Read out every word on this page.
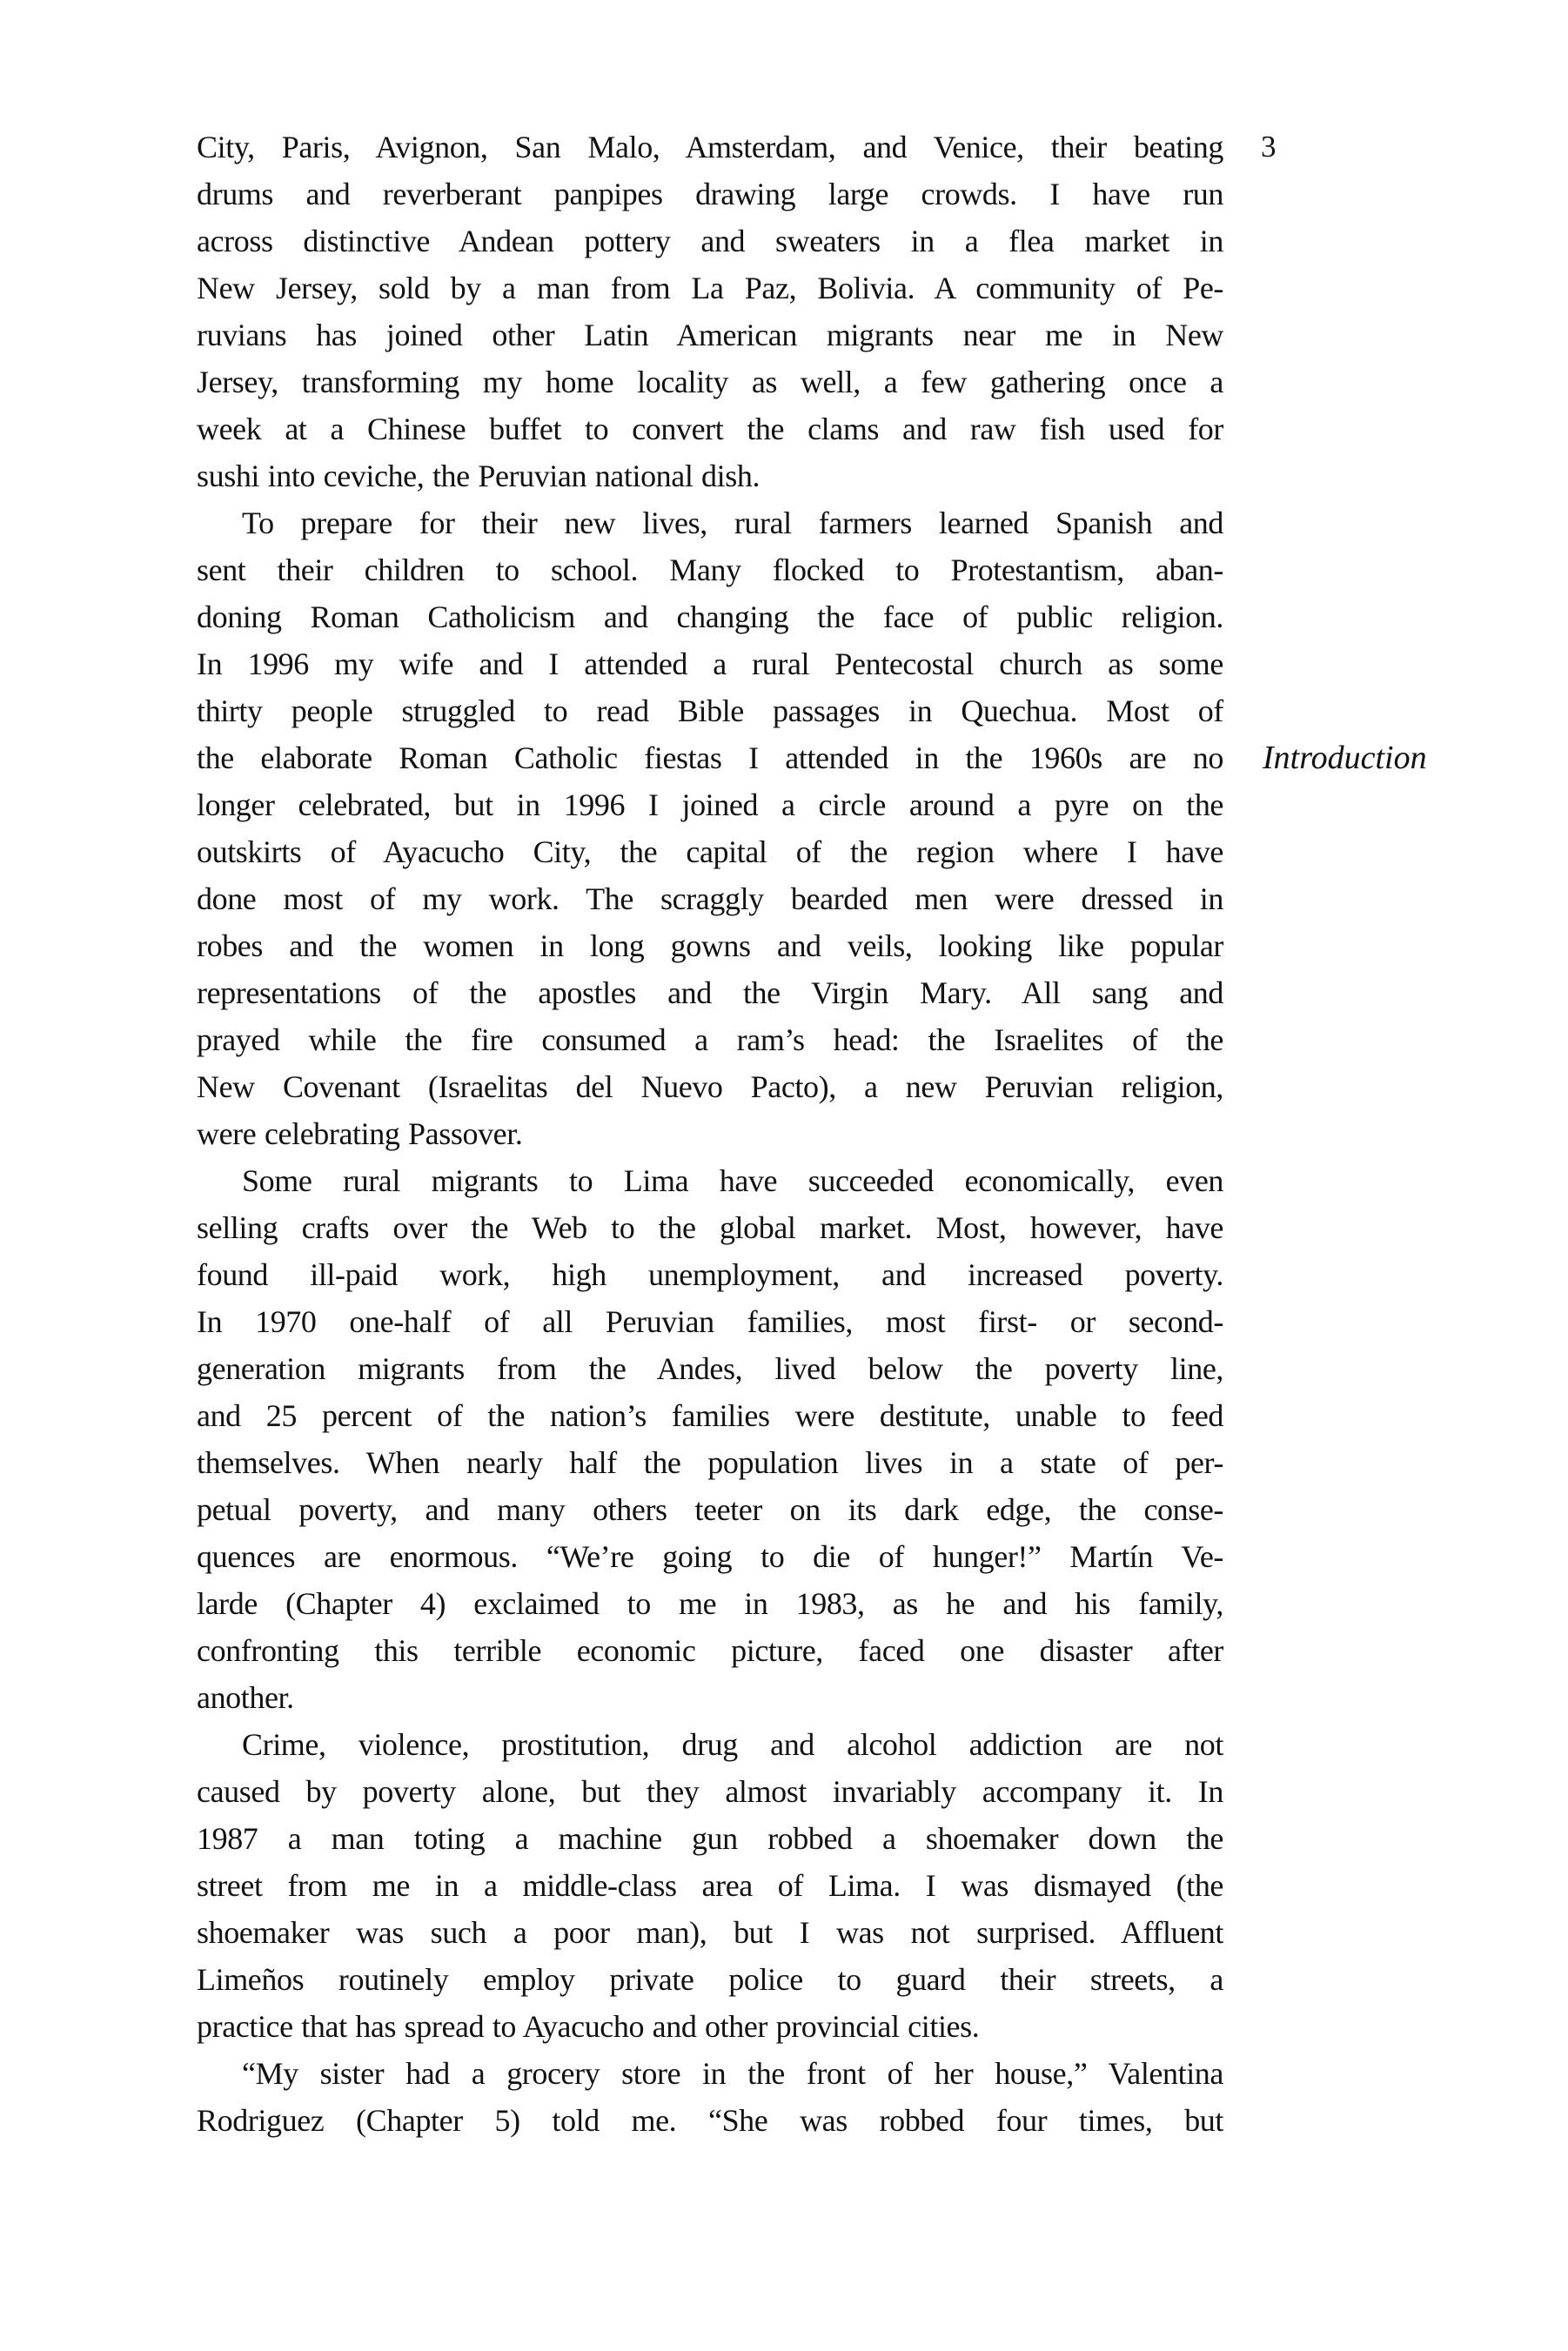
3
Introduction
City, Paris, Avignon, San Malo, Amsterdam, and Venice, their beating
drums and reverberant panpipes drawing large crowds. I have run
across distinctive Andean pottery and sweaters in a flea market in
New Jersey, sold by a man from La Paz, Bolivia. A community of Pe-
ruvians has joined other Latin American migrants near me in New
Jersey, transforming my home locality as well, a few gathering once a
week at a Chinese buffet to convert the clams and raw fish used for
sushi into ceviche, the Peruvian national dish.
To prepare for their new lives, rural farmers learned Spanish and
sent their children to school. Many flocked to Protestantism, aban-
doning Roman Catholicism and changing the face of public religion.
In 1996 my wife and I attended a rural Pentecostal church as some
thirty people struggled to read Bible passages in Quechua. Most of
the elaborate Roman Catholic fiestas I attended in the 1960s are no
longer celebrated, but in 1996 I joined a circle around a pyre on the
outskirts of Ayacucho City, the capital of the region where I have
done most of my work. The scraggly bearded men were dressed in
robes and the women in long gowns and veils, looking like popular
representations of the apostles and the Virgin Mary. All sang and
prayed while the fire consumed a ram’s head: the Israelites of the
New Covenant (Israelitas del Nuevo Pacto), a new Peruvian religion,
were celebrating Passover.
Some rural migrants to Lima have succeeded economically, even
selling crafts over the Web to the global market. Most, however, have
found ill-paid work, high unemployment, and increased poverty.
In 1970 one-half of all Peruvian families, most first- or second-
generation migrants from the Andes, lived below the poverty line,
and 25 percent of the nation’s families were destitute, unable to feed
themselves. When nearly half the population lives in a state of per-
petual poverty, and many others teeter on its dark edge, the conse-
quences are enormous. “We’re going to die of hunger!” Martín Ve-
larde (Chapter 4) exclaimed to me in 1983, as he and his family,
confronting this terrible economic picture, faced one disaster after
another.
Crime, violence, prostitution, drug and alcohol addiction are not
caused by poverty alone, but they almost invariably accompany it. In
1987 a man toting a machine gun robbed a shoemaker down the
street from me in a middle-class area of Lima. I was dismayed (the
shoemaker was such a poor man), but I was not surprised. Affluent
Limeños routinely employ private police to guard their streets, a
practice that has spread to Ayacucho and other provincial cities.
“My sister had a grocery store in the front of her house,” Valentina
Rodriguez (Chapter 5) told me. “She was robbed four times, but
